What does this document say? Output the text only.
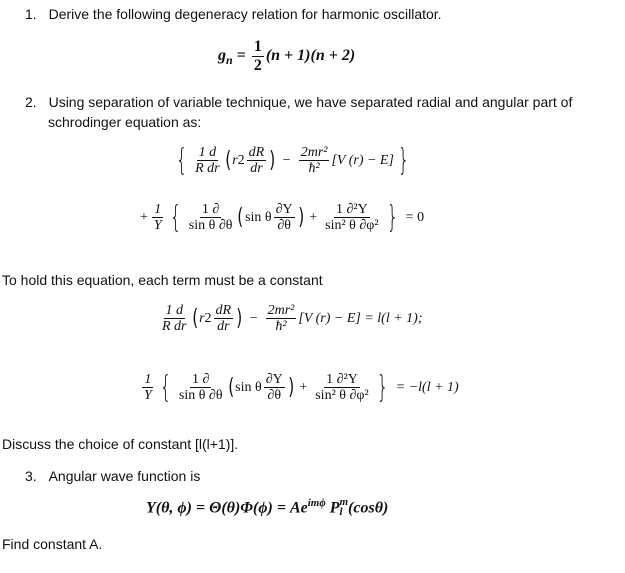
1. Derive the following degeneracy relation for harmonic oscillator.
$g_n = \frac{1}{2} (n + 1)(n + 2)$
2. Using separation of variable technique, we have separated radial and angular part of
schrodinger equation as:
{ $\frac{1 d}{\text{R dr}}$ ( r $2 \frac{dR}{dr}$ ) − $\frac{\text{2mr²}}{\text{ħ²}} [V$ (r) − E] }
+ $\frac{1}{Y}$ { $\frac{1 \partial}{\text{sin θ ∂θ}}$ ( sin θ $\frac{\partial Y}{\partial\theta}$ ) + $\frac{\text{1 ∂²Y}}{\text{sin² θ ∂φ²}}$ } = 0
To hold this equation, each term must be a constant
$\frac{1 d}{\text{R dr}}$ ( r $2 \frac{dR}{dr}$ ) − $\frac{\text{2mr²}}{\text{ħ²}} [V$ (r) − E] = l(l + 1);
$\frac{1}{Y}$ { $\frac{1 \partial}{\text{sin θ ∂θ}}$ ( sin θ $\frac{\partial Y}{\partial\theta}$ ) + $\frac{\text{1 ∂²Y}}{\text{sin² θ ∂φ²}}$ } = −l(l + 1)
Discuss the choice of constant [l(l+1)].
3. Angular wave function is
Y(θ, $\phi) = \Theta(\theta)\Phi(\phi) = Ae^{im\phi}$ P m
l (cosθ)
Find constant A.
